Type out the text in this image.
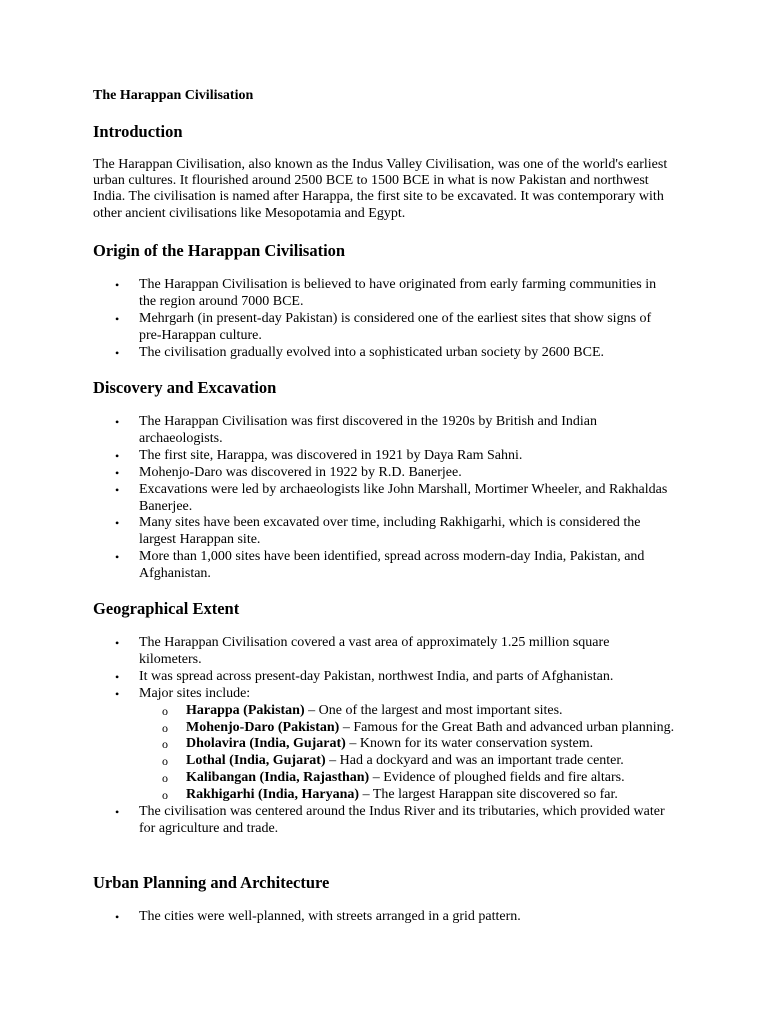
The Harappan Civilisation
Introduction

The Harappan Civilisation, also known as the Indus Valley Civilisation, was one of the world's earliest urban cultures. It flourished around 2500 BCE to 1500 BCE in what is now Pakistan and northwest India. The civilisation is named after Harappa, the first site to be excavated. It was contemporary with other ancient civilisations like Mesopotamia and Egypt.

Origin of the Harappan Civilisation
• The Harappan Civilisation is believed to have originated from early farming communities in the region around 7000 BCE.
• Mehrgarh (in present-day Pakistan) is considered one of the earliest sites that show signs of pre-Harappan culture.
• The civilisation gradually evolved into a sophisticated urban society by 2600 BCE.
Discovery and Excavation
• The Harappan Civilisation was first discovered in the 1920s by British and Indian archaeologists.
• The first site, Harappa, was discovered in 1921 by Daya Ram Sahni.
• Mohenjo-Daro was discovered in 1922 by R.D. Banerjee.
• Excavations were led by archaeologists like John Marshall, Mortimer Wheeler, and Rakhaldas Banerjee.
• Many sites have been excavated over time, including Rakhigarhi, which is considered the largest Harappan site.
• More than 1,000 sites have been identified, spread across modern-day India, Pakistan, and Afghanistan.
Geographical Extent
• The Harappan Civilisation covered a vast area of approximately 1.25 million square kilometers.
• It was spread across present-day Pakistan, northwest India, and parts of Afghanistan.
• Major sites include:
o Harappa (Pakistan) – One of the largest and most important sites.
o Mohenjo-Daro (Pakistan) – Famous for the Great Bath and advanced urban planning.
o Dholavira (India, Gujarat) – Known for its water conservation system.
o Lothal (India, Gujarat) – Had a dockyard and was an important trade center.
o Kalibangan (India, Rajasthan) – Evidence of ploughed fields and fire altars.
o Rakhigarhi (India, Haryana) – The largest Harappan site discovered so far.
• The civilisation was centered around the Indus River and its tributaries, which provided water for agriculture and trade.
Urban Planning and Architecture
• The cities were well-planned, with streets arranged in a grid pattern.
